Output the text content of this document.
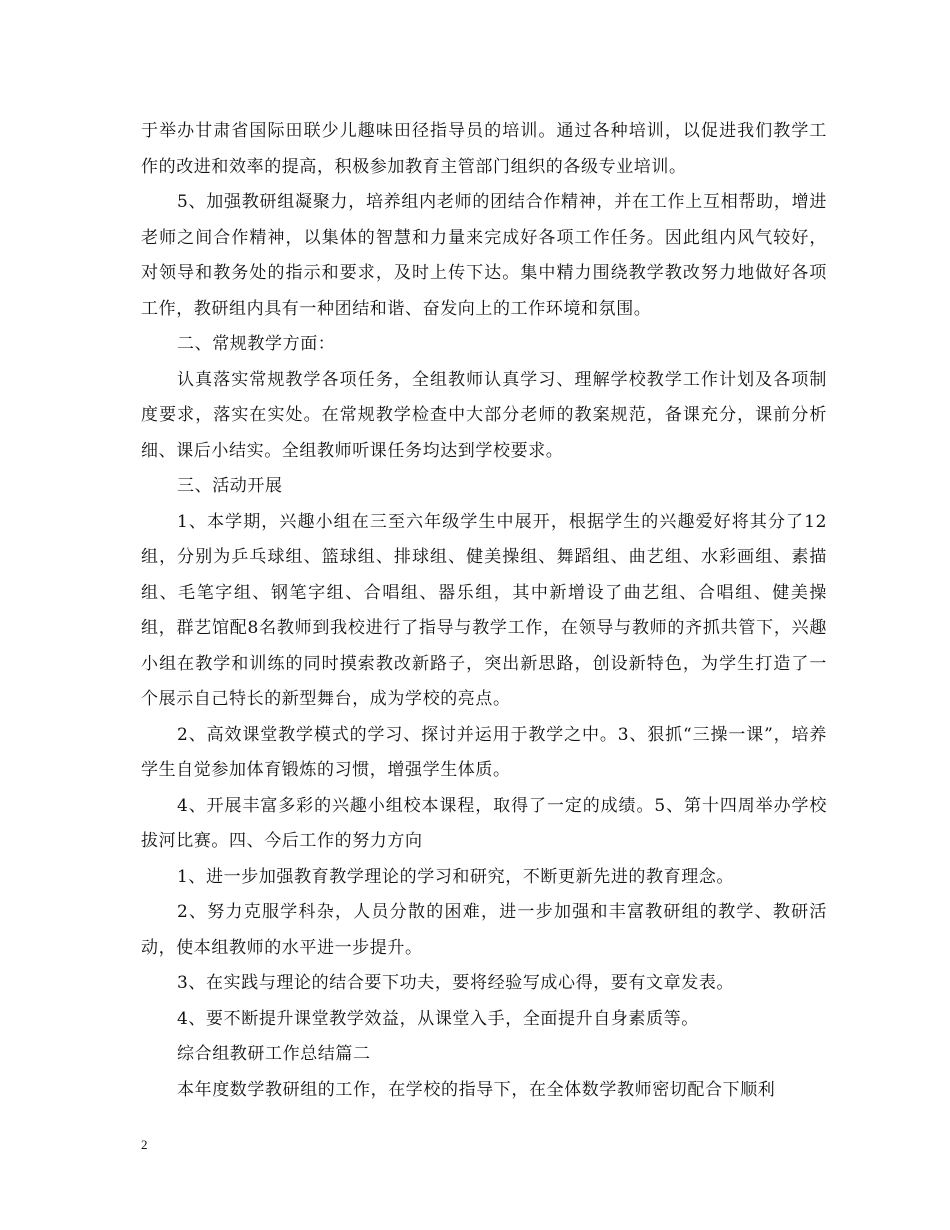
于举办甘肃省国际田联少儿趣味田径指导员的培训。通过各种培训，以促进我们教学工作的改进和效率的提高，积极参加教育主管部门组织的各级专业培训。

5、加强教研组凝聚力，培养组内老师的团结合作精神，并在工作上互相帮助，增进老师之间合作精神，以集体的智慧和力量来完成好各项工作任务。因此组内风气较好，对领导和教务处的指示和要求，及时上传下达。集中精力围绕教学教改努力地做好各项工作，教研组内具有一种团结和谐、奋发向上的工作环境和氛围。

二、常规教学方面：

认真落实常规教学各项任务，全组教师认真学习、理解学校教学工作计划及各项制度要求，落实在实处。在常规教学检查中大部分老师的教案规范，备课充分，课前分析细、课后小结实。全组教师听课任务均达到学校要求。

三、活动开展

1、本学期，兴趣小组在三至六年级学生中展开，根据学生的兴趣爱好将其分了12组，分别为乒乓球组、篮球组、排球组、健美操组、舞蹈组、曲艺组、水彩画组、素描组、毛笔字组、钢笔字组、合唱组、器乐组，其中新增设了曲艺组、合唱组、健美操组，群艺馆配8名教师到我校进行了指导与教学工作，在领导与教师的齐抓共管下，兴趣小组在教学和训练的同时摸索教改新路子，突出新思路，创设新特色，为学生打造了一个展示自己特长的新型舞台，成为学校的亮点。

2、高效课堂教学模式的学习、探讨并运用于教学之中。3、狠抓“三操一课”，培养学生自觉参加体育锻炼的习惯，增强学生体质。

4、开展丰富多彩的兴趣小组校本课程，取得了一定的成绩。5、第十四周举办学校拔河比赛。四、今后工作的努力方向

1、进一步加强教育教学理论的学习和研究，不断更新先进的教育理念。

2、努力克服学科杂，人员分散的困难，进一步加强和丰富教研组的教学、教研活动，使本组教师的水平进一步提升。

3、在实践与理论的结合要下功夫，要将经验写成心得，要有文章发表。

4、要不断提升课堂教学效益，从课堂入手，全面提升自身素质等。

综合组教研工作总结篇二

本年度数学教研组的工作，在学校的指导下，在全体数学教师密切配合下顺利

2
